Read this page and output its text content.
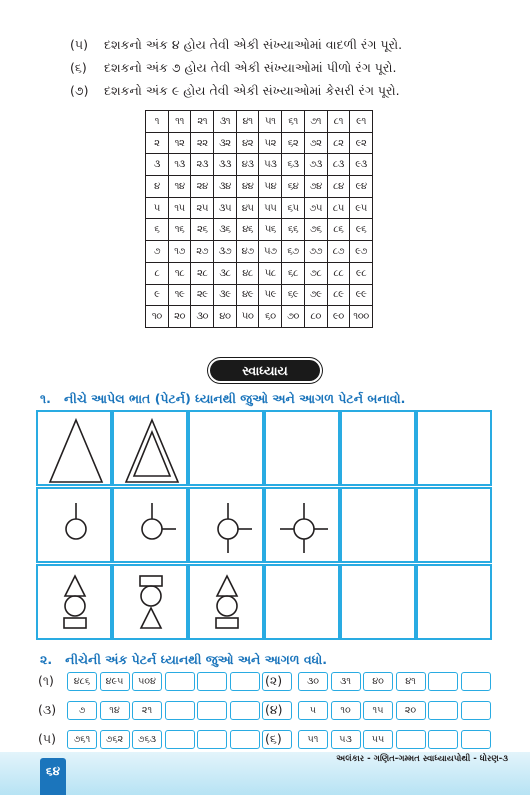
(૫) દશકનો અંક ૪ હોય તેવી એકી સંખ્યાઓમાં વાદળી રંગ પૂરો.
(૬) દશકનો અંક ૭ હોય તેવી એકી સંખ્યાઓમાં પીળો રંગ પૂરો.
(૭) દશકનો અંક ૯ હોય તેવી એકી સંખ્યાઓમાં કેસરી રંગ પૂરો.
૧	૧૧	૨૧	૩૧	૪૧	૫૧	૬૧	૭૧	૮૧	૯૧
૨	૧૨	૨૨	૩૨	૪૨	૫૨	૬૨	૭૨	૮૨	૯૨
૩	૧૩	૨૩	૩૩	૪૩	૫૩	૬૩	૭૩	૮૩	૯૩
૪	૧૪	૨૪	૩૪	૪૪	૫૪	૬૪	૭૪	૮૪	૯૪
૫	૧૫	૨૫	૩૫	૪૫	૫૫	૬૫	૭૫	૮૫	૯૫
૬	૧૬	૨૬	૩૬	૪૬	૫૬	૬૬	૭૬	૮૬	૯૬
૭	૧૭	૨૭	૩૭	૪૭	૫૭	૬૭	૭૭	૮૭	૯૭
૮	૧૮	૨૮	૩૮	૪૮	૫૮	૬૮	૭૮	૮૮	૯૮
૯	૧૯	૨૯	૩૯	૪૯	૫૯	૬૯	૭૯	૮૯	૯૯
૧૦	૨૦	૩૦	૪૦	૫૦	૬૦	૭૦	૮૦	૯૦	૧૦૦
સ્વાધ્યાય
૧. નીચે આપેલ ભાત (પેટર્ન) ધ્યાનથી જુઓ અને આગળ પેટર્ન બનાવો.
૨. નીચેની અંક પેટર્ન ધ્યાનથી જુઓ અને આગળ વધો.
(૧)	૪૮૬	૪૯૫	૫૦૪	(૨)	૩૦	૩૧	૪૦	૪૧
(૩)	૭	૧૪	૨૧	(૪)	૫	૧૦	૧૫	૨૦
(૫)	૭૬૧	૭૬૨	૭૬૩	(૬)	૫૧	૫૩	૫૫
અલંકાર - ગણિત-ગમ્મત સ્વાધ્યાયપોથી - ધોરણ-૩
૬૪
